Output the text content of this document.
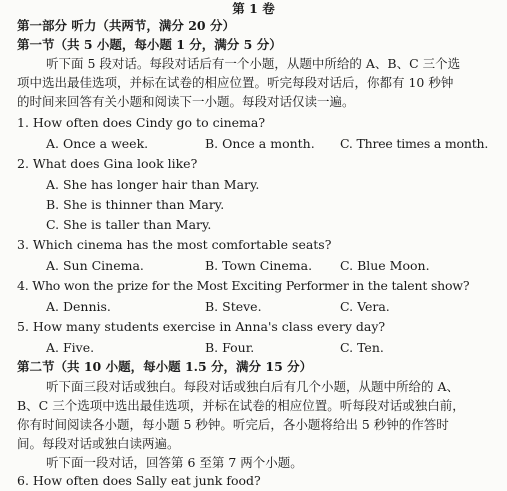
第 1 卷
第一部分 听力（共两节，满分 20 分）
第一节（共 5 小题，每小题 1 分，满分 5 分）
听下面 5 段对话。每段对话后有一个小题，从题中所给的 A、B、C 三个选
项中选出最佳选项，并标在试卷的相应位置。听完每段对话后，你都有 10 秒钟
的时间来回答有关小题和阅读下一小题。每段对话仅读一遍。
1. How often does Cindy go to cinema?
A. Once a week.	B. Once a month. C. Three times a month.
2. What does Gina look like?
A. She has longer hair than Mary.
B. She is thinner than Mary.
C. She is taller than Mary.
3. Which cinema has the most comfortable seats?
A. Sun Cinema.	B. Town Cinema. C. Blue Moon.
4. Who won the prize for the Most Exciting Performer in the talent show?
A. Dennis.	B. Steve.	C. Vera.
5. How many students exercise in Anna's class every day?
A. Five.	B. Four.	C. Ten.
第二节（共 10 小题，每小题 1.5 分，满分 15 分）
听下面三段对话或独白。每段对话或独白后有几个小题，从题中所给的 A、
B、C 三个选项中选出最佳选项，并标在试卷的相应位置。听每段对话或独白前，
你有时间阅读各小题，每小题 5 秒钟。听完后，各小题将给出 5 秒钟的作答时
间。每段对话或独白读两遍。
听下面一段对话，回答第 6 至第 7 两个小题。
6. How often does Sally eat junk food?
